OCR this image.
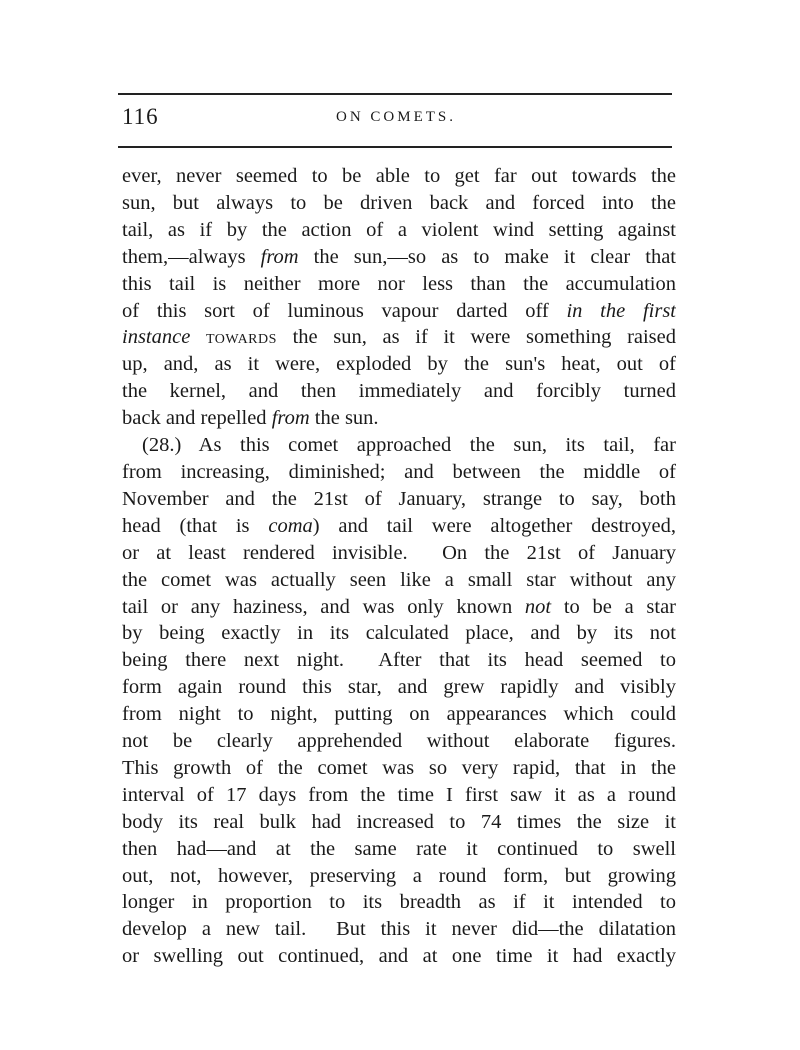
116	ON COMETS.
ever, never seemed to be able to get far out towards the
sun, but always to be driven back and forced into the
tail, as if by the action of a violent wind setting against
them,—always from the sun,—so as to make it clear that
this tail is neither more nor less than the accumulation
of this sort of luminous vapour darted off in the first
instance towards the sun, as if it were something raised
up, and, as it were, exploded by the sun's heat, out of
the kernel, and then immediately and forcibly turned
back and repelled from the sun.
(28.) As this comet approached the sun, its tail, far
from increasing, diminished; and between the middle of
November and the 21st of January, strange to say, both
head (that is coma) and tail were altogether destroyed,
or at least rendered invisible.  On the 21st of January
the comet was actually seen like a small star without any
tail or any haziness, and was only known not to be a star
by being exactly in its calculated place, and by its not
being there next night.  After that its head seemed to
form again round this star, and grew rapidly and visibly
from night to night, putting on appearances which could
not be clearly apprehended without elaborate figures.
This growth of the comet was so very rapid, that in the
interval of 17 days from the time I first saw it as a round
body its real bulk had increased to 74 times the size it
then had—and at the same rate it continued to swell
out, not, however, preserving a round form, but growing
longer in proportion to its breadth as if it intended to
develop a new tail.  But this it never did—the dilatation
or swelling out continued, and at one time it had exactly
